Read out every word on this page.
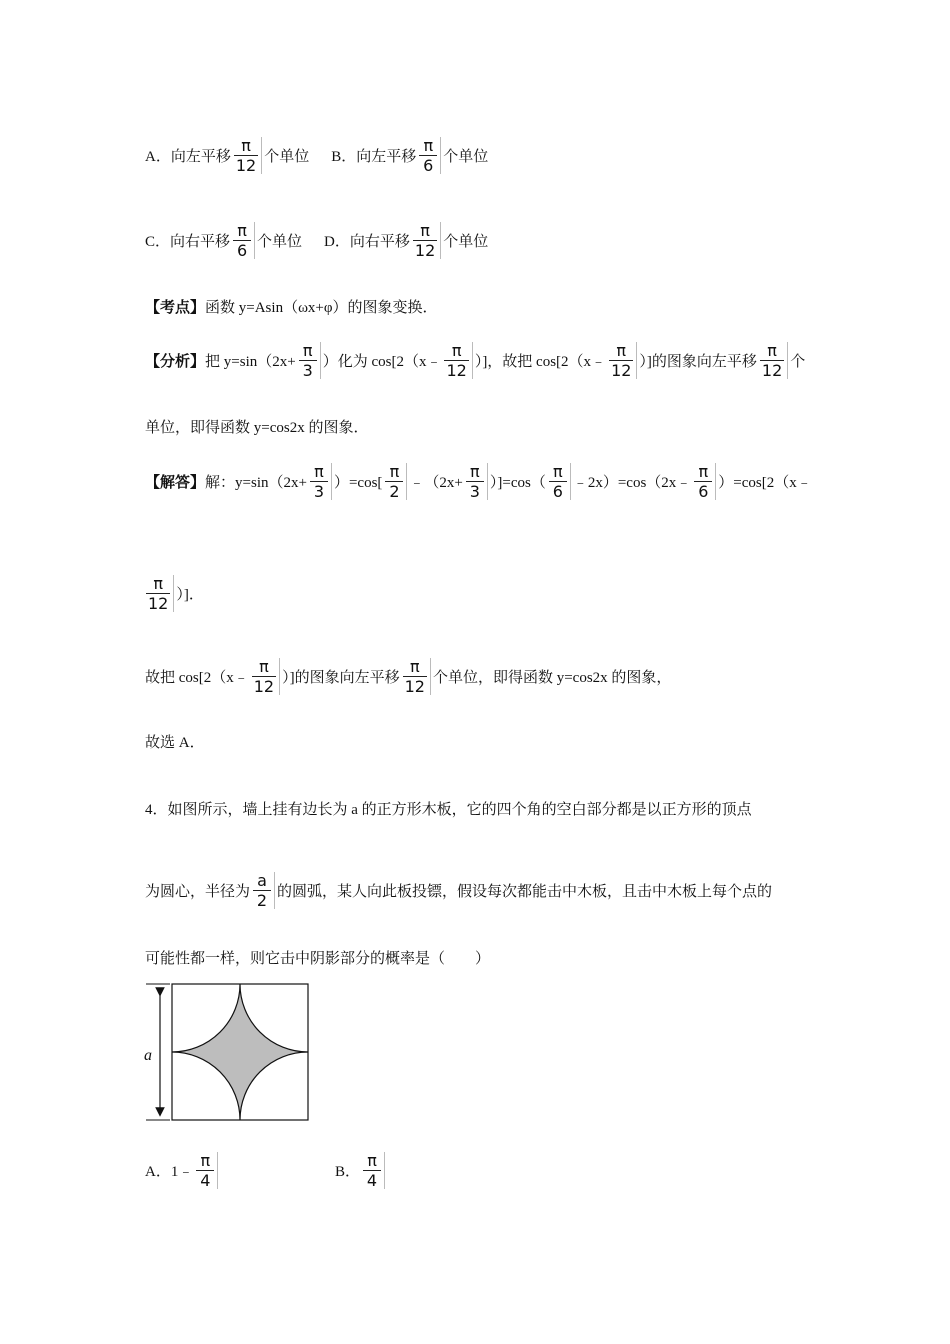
A． 向左平移 $\frac{\pi}{12}$ 个单位 B． 向左平移 $\frac{\pi}{6}$ 个单位
C． 向右平移 $\frac{\pi}{6}$ 个单位 D． 向右平移 $\frac{\pi}{12}$ 个单位
【考点】 函数 y=Asin（ωx+φ）的图象变换．
【分析】 把 $y=\sin(2x+ \frac{\pi}{3}$ ）化为 cos[2（x﹣ $\frac{\pi}{12}$ ）]，故把 cos[2（x﹣ $\frac{\pi}{12}$ ）]的图象向左平移 $\frac{\pi}{12}$ 个
单位，即得函数 y=cos2x 的图象．
【解答】 解：$y=\sin(2x+ \frac{\pi}{3} )=\cos[ \frac{\pi}{2}$ ﹣（2x+ $\frac{\pi}{3} )]=\cos( \frac{\pi}{6}$ ﹣2x）=cos（2x﹣ $\frac{\pi}{6}$ ）=cos[2（x﹣
$\frac{\pi}{12}$ ）]．
故把 cos[2（x﹣ $\frac{\pi}{12}$ ）]的图象向左平移 $\frac{\pi}{12}$ 个单位，即得函数 y=cos2x 的图象，
故选 A．
4．如图所示，墙上挂有边长为 a 的正方形木板，它的四个角的空白部分都是以正方形的顶点
为圆心，半径为 $\frac{a}{2}$ 的圆弧，某人向此板投镖，假设每次都能击中木板，且击中木板上每个点的
可能性都一样，则它击中阴影部分的概率是（　　）
a
A． 1﹣ $\frac{\pi}{4}$	B． $\frac{\pi}{4}$
